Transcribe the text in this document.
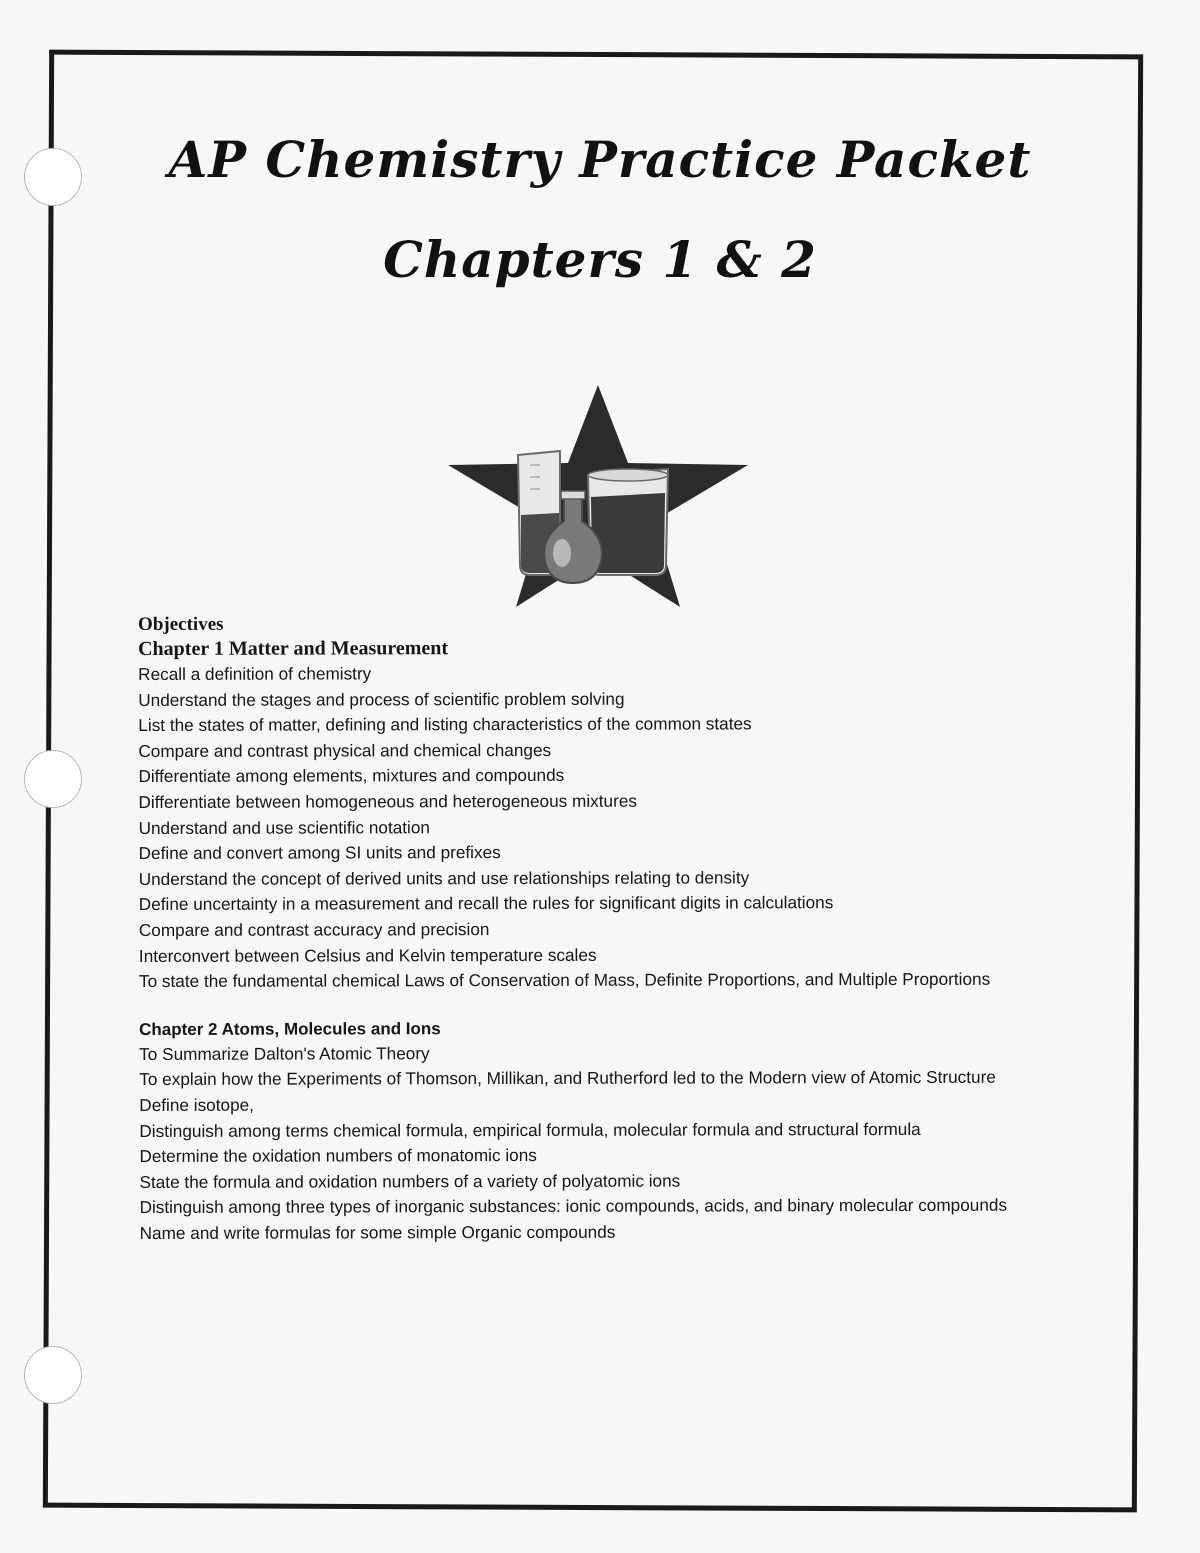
AP Chemistry Practice Packet
Chapters 1 & 2
Objectives
Chapter 1 Matter and Measurement
Recall a definition of chemistry
Understand the stages and process of scientific problem solving
List the states of matter, defining and listing characteristics of the common states
Compare and contrast physical and chemical changes
Differentiate among elements, mixtures and compounds
Differentiate between homogeneous and heterogeneous mixtures
Understand and use scientific notation
Define and convert among SI units and prefixes
Understand the concept of derived units and use relationships relating to density
Define uncertainty in a measurement and recall the rules for significant digits in calculations
Compare and contrast accuracy and precision
Interconvert between Celsius and Kelvin temperature scales
To state the fundamental chemical Laws of Conservation of Mass, Definite Proportions, and Multiple Proportions
Chapter 2 Atoms, Molecules and Ions
To Summarize Dalton's Atomic Theory
To explain how the Experiments of Thomson, Millikan, and Rutherford led to the Modern view of Atomic Structure
Define isotope,
Distinguish among terms chemical formula, empirical formula, molecular formula and structural formula
Determine the oxidation numbers of monatomic ions
State the formula and oxidation numbers of a variety of polyatomic ions
Distinguish among three types of inorganic substances: ionic compounds, acids, and binary molecular compounds
Name and write formulas for some simple Organic compounds
